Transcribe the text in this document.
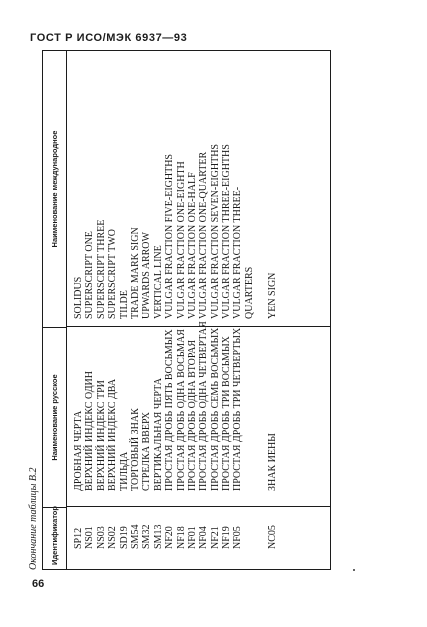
ГОСТ Р ИСО/МЭК 6937—93
Окончание таблицы В.2	Идентификатор
Наименование русское
Наименование международное
SP12 NS01 NS03 NS02 SD19 SM54 SM32 SM13 NF20 NF18 NF01 NF04 NF21 NF19 NF05 NC05
ДРОБНАЯ ЧЕРТА ВЕРХНИЙ ИНДЕКС ОДИН ВЕРХНИЙ ИНДЕКС ТРИ ВЕРХНИЙ ИНДЕКС ДВА ТИЛЬДА ТОРГОВЫЙ ЗНАК СТРЕЛКА ВВЕРХ ВЕРТИКАЛЬНАЯ ЧЕРТА ПРОСТАЯ ДРОБЬ ПЯТЬ ВОСЬМЫХ ПРОСТАЯ ДРОБЬ ОДНА ВОСЬМАЯ ПРОСТАЯ ДРОБЬ ОДНА ВТОРАЯ ПРОСТАЯ ДРОБЬ ОДНА ЧЕТВЕРТАЯ ПРОСТАЯ ДРОБЬ СЕМЬ ВОСЬМЫХ ПРОСТАЯ ДРОБЬ ТРИ ВОСЬМЫХ ПРОСТАЯ ДРОБЬ ТРИ ЧЕТВЕРТЫХ ЗНАК ИЕНЫ
SOLIDUS SUPERSCRIPT ONE SUPERSCRIPT THREE SUPERSCRIPT TWO TILDE TRADE MARK SIGN UPWARDS ARROW VERTICAL LINE VULGAR FRACTION FIVE-EIGHTHS VULGAR FRACTION ONE-EIGHTH VULGAR FRACTION ONE-HALF VULGAR FRACTION ONE-QUARTER VULGAR FRACTION SEVEN-EIGHTHS VULGAR FRACTION THREE-EIGHTHS VULGAR FRACTION THREE- QUARTERS YEN SIGN
66
